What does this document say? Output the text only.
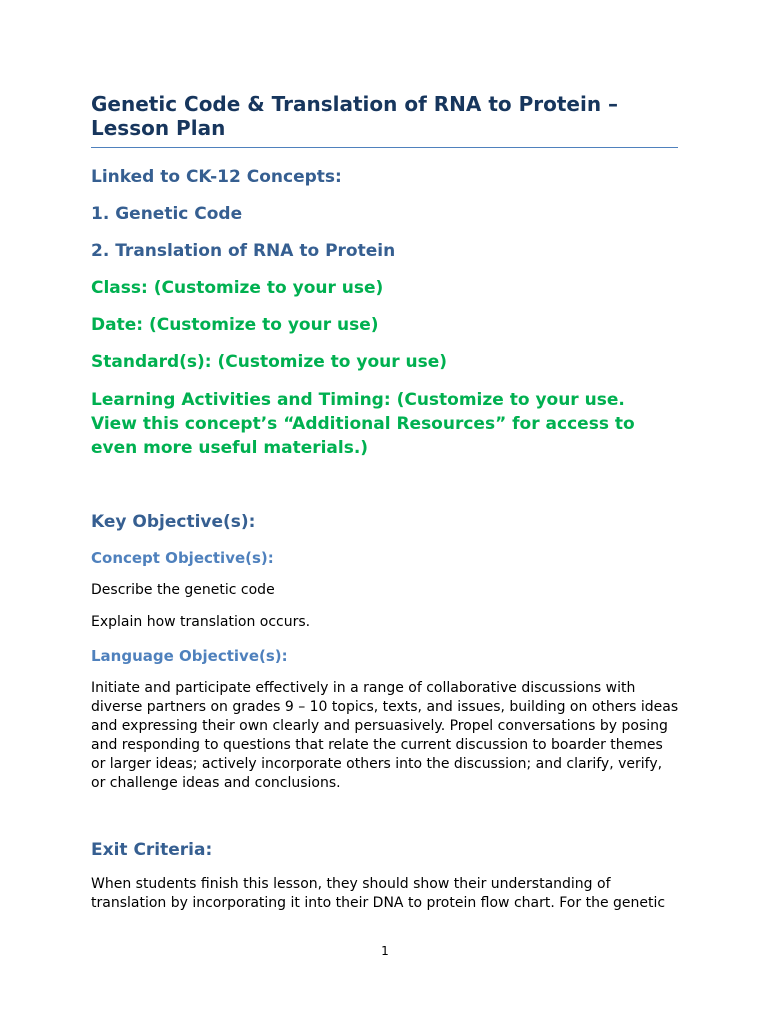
Genetic Code & Translation of RNA to Protein – Lesson Plan
Linked to CK-12 Concepts:
1. Genetic Code
2. Translation of RNA to Protein
Class: (Customize to your use)
Date: (Customize to your use)
Standard(s): (Customize to your use)
Learning Activities and Timing: (Customize to your use. View this concept’s “Additional Resources” for access to even more useful materials.)
Key Objective(s):
Concept Objective(s):

Describe the genetic code

Explain how translation occurs.

Language Objective(s):

Initiate and participate effectively in a range of collaborative discussions with diverse partners on grades 9 – 10 topics, texts, and issues, building on others ideas and expressing their own clearly and persuasively. Propel conversations by posing and responding to questions that relate the current discussion to boarder themes or larger ideas; actively incorporate others into the discussion; and clarify, verify, or challenge ideas and conclusions.

Exit Criteria:

When students finish this lesson, they should show their understanding of translation by incorporating it into their DNA to protein flow chart. For the genetic

1
